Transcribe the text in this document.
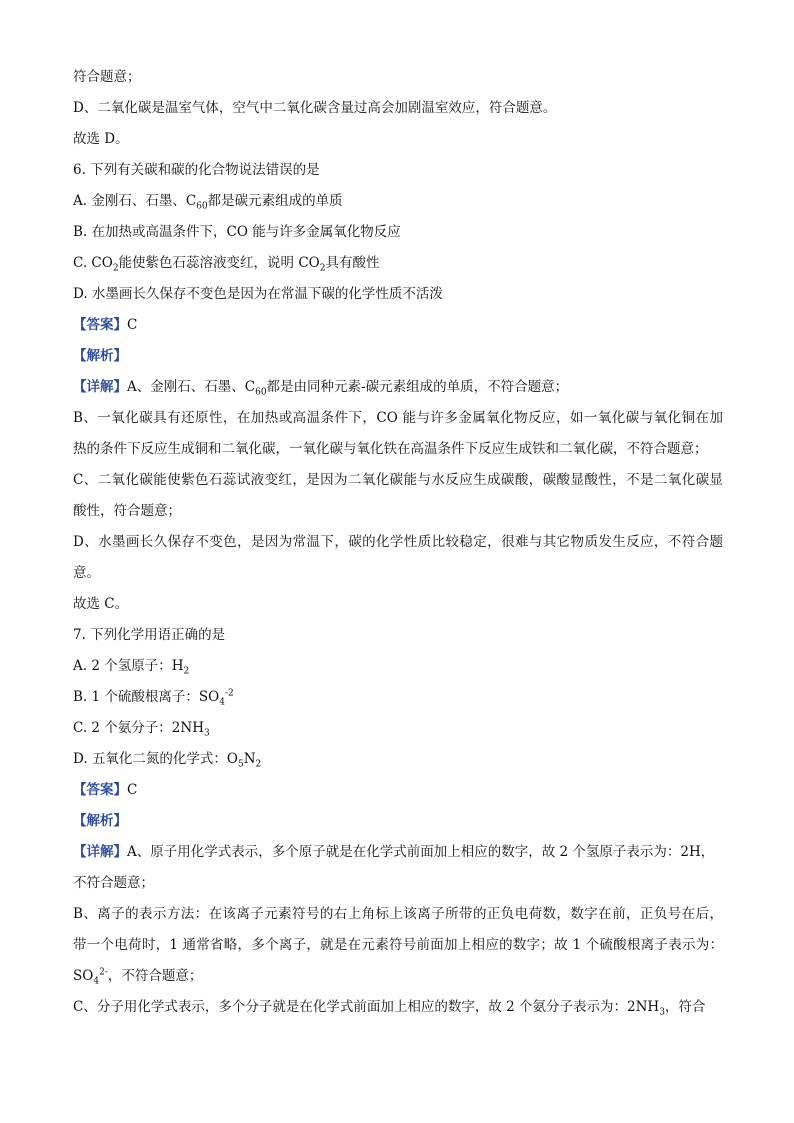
符合题意；
D、二氧化碳是温室气体，空气中二氧化碳含量过高会加剧温室效应，符合题意。
故选 D。
6. 下列有关碳和碳的化合物说法错误的是
A. 金刚石、石墨、$C_{60}$都是碳元素组成的单质
B. 在加热或高温条件下，CO 能与许多金属氧化物反应
C. $CO_2$能使紫色石蕊溶液变红，说明 $CO_2$具有酸性
D. 水墨画长久保存不变色是因为在常温下碳的化学性质不活泼
【答案】C
【解析】
【详解】A、金刚石、石墨、$C_{60}$都是由同种元素-碳元素组成的单质，不符合题意；
B、一氧化碳具有还原性，在加热或高温条件下，CO 能与许多金属氧化物反应，如一氧化碳与氧化铜在加
热的条件下反应生成铜和二氧化碳，一氧化碳与氧化铁在高温条件下反应生成铁和二氧化碳，不符合题意；
C、二氧化碳能使紫色石蕊试液变红，是因为二氧化碳能与水反应生成碳酸，碳酸显酸性，不是二氧化碳显
酸性，符合题意；
D、水墨画长久保存不变色，是因为常温下，碳的化学性质比较稳定，很难与其它物质发生反应，不符合题
意。
故选 C。
7. 下列化学用语正确的是
A. 2 个氢原子：$H_2$
B. 1 个硫酸根离子：$SO_4^{-2}$
C. 2 个氨分子：$2NH_3$
D. 五氧化二氮的化学式：$O_5N_2$
【答案】C
【解析】
【详解】A、原子用化学式表示，多个原子就是在化学式前面加上相应的数字，故 2 个氢原子表示为：2H，
不符合题意；
B、离子的表示方法：在该离子元素符号的右上角标上该离子所带的正负电荷数，数字在前，正负号在后，
带一个电荷时，1 通常省略，多个离子，就是在元素符号前面加上相应的数字；故 1 个硫酸根离子表示为：
$SO_4^{2-}$，不符合题意；
C、分子用化学式表示，多个分子就是在化学式前面加上相应的数字，故 2 个氨分子表示为：$2NH_3$，符合
